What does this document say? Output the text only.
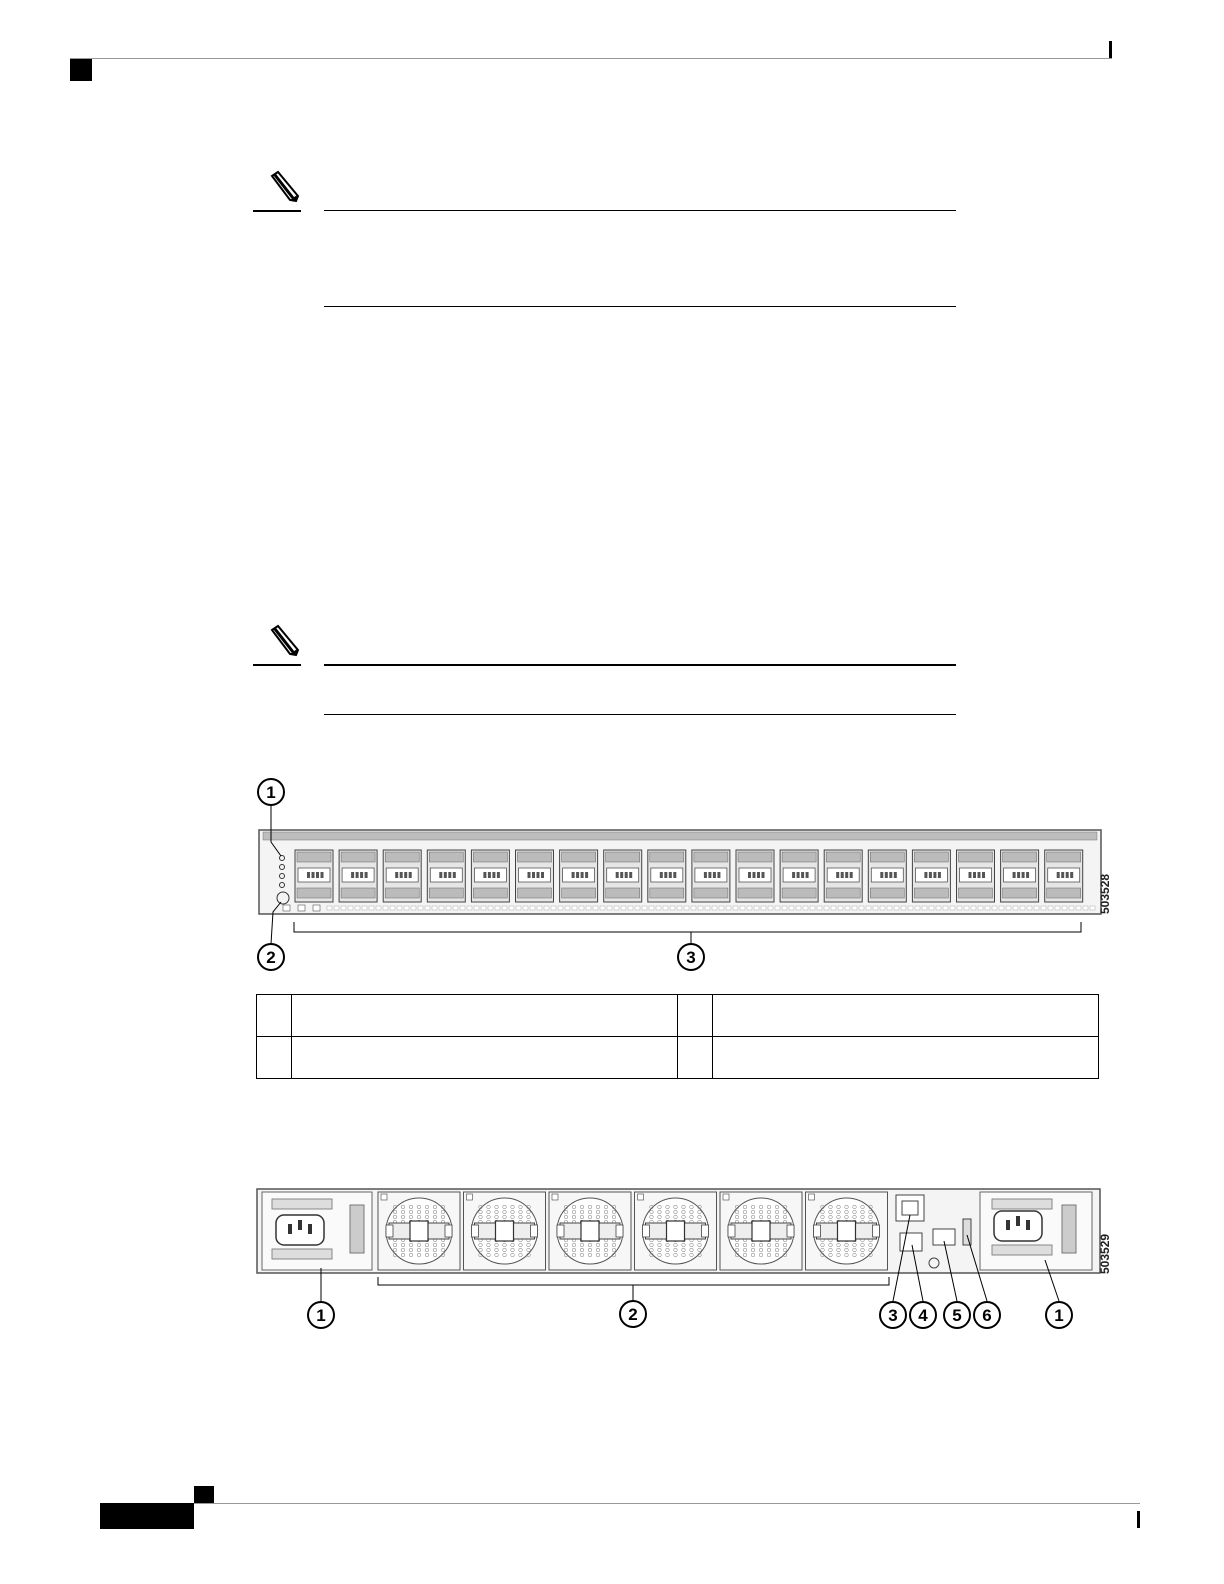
1
2	3
503528

1	2	3 4 5 6	1
503529
